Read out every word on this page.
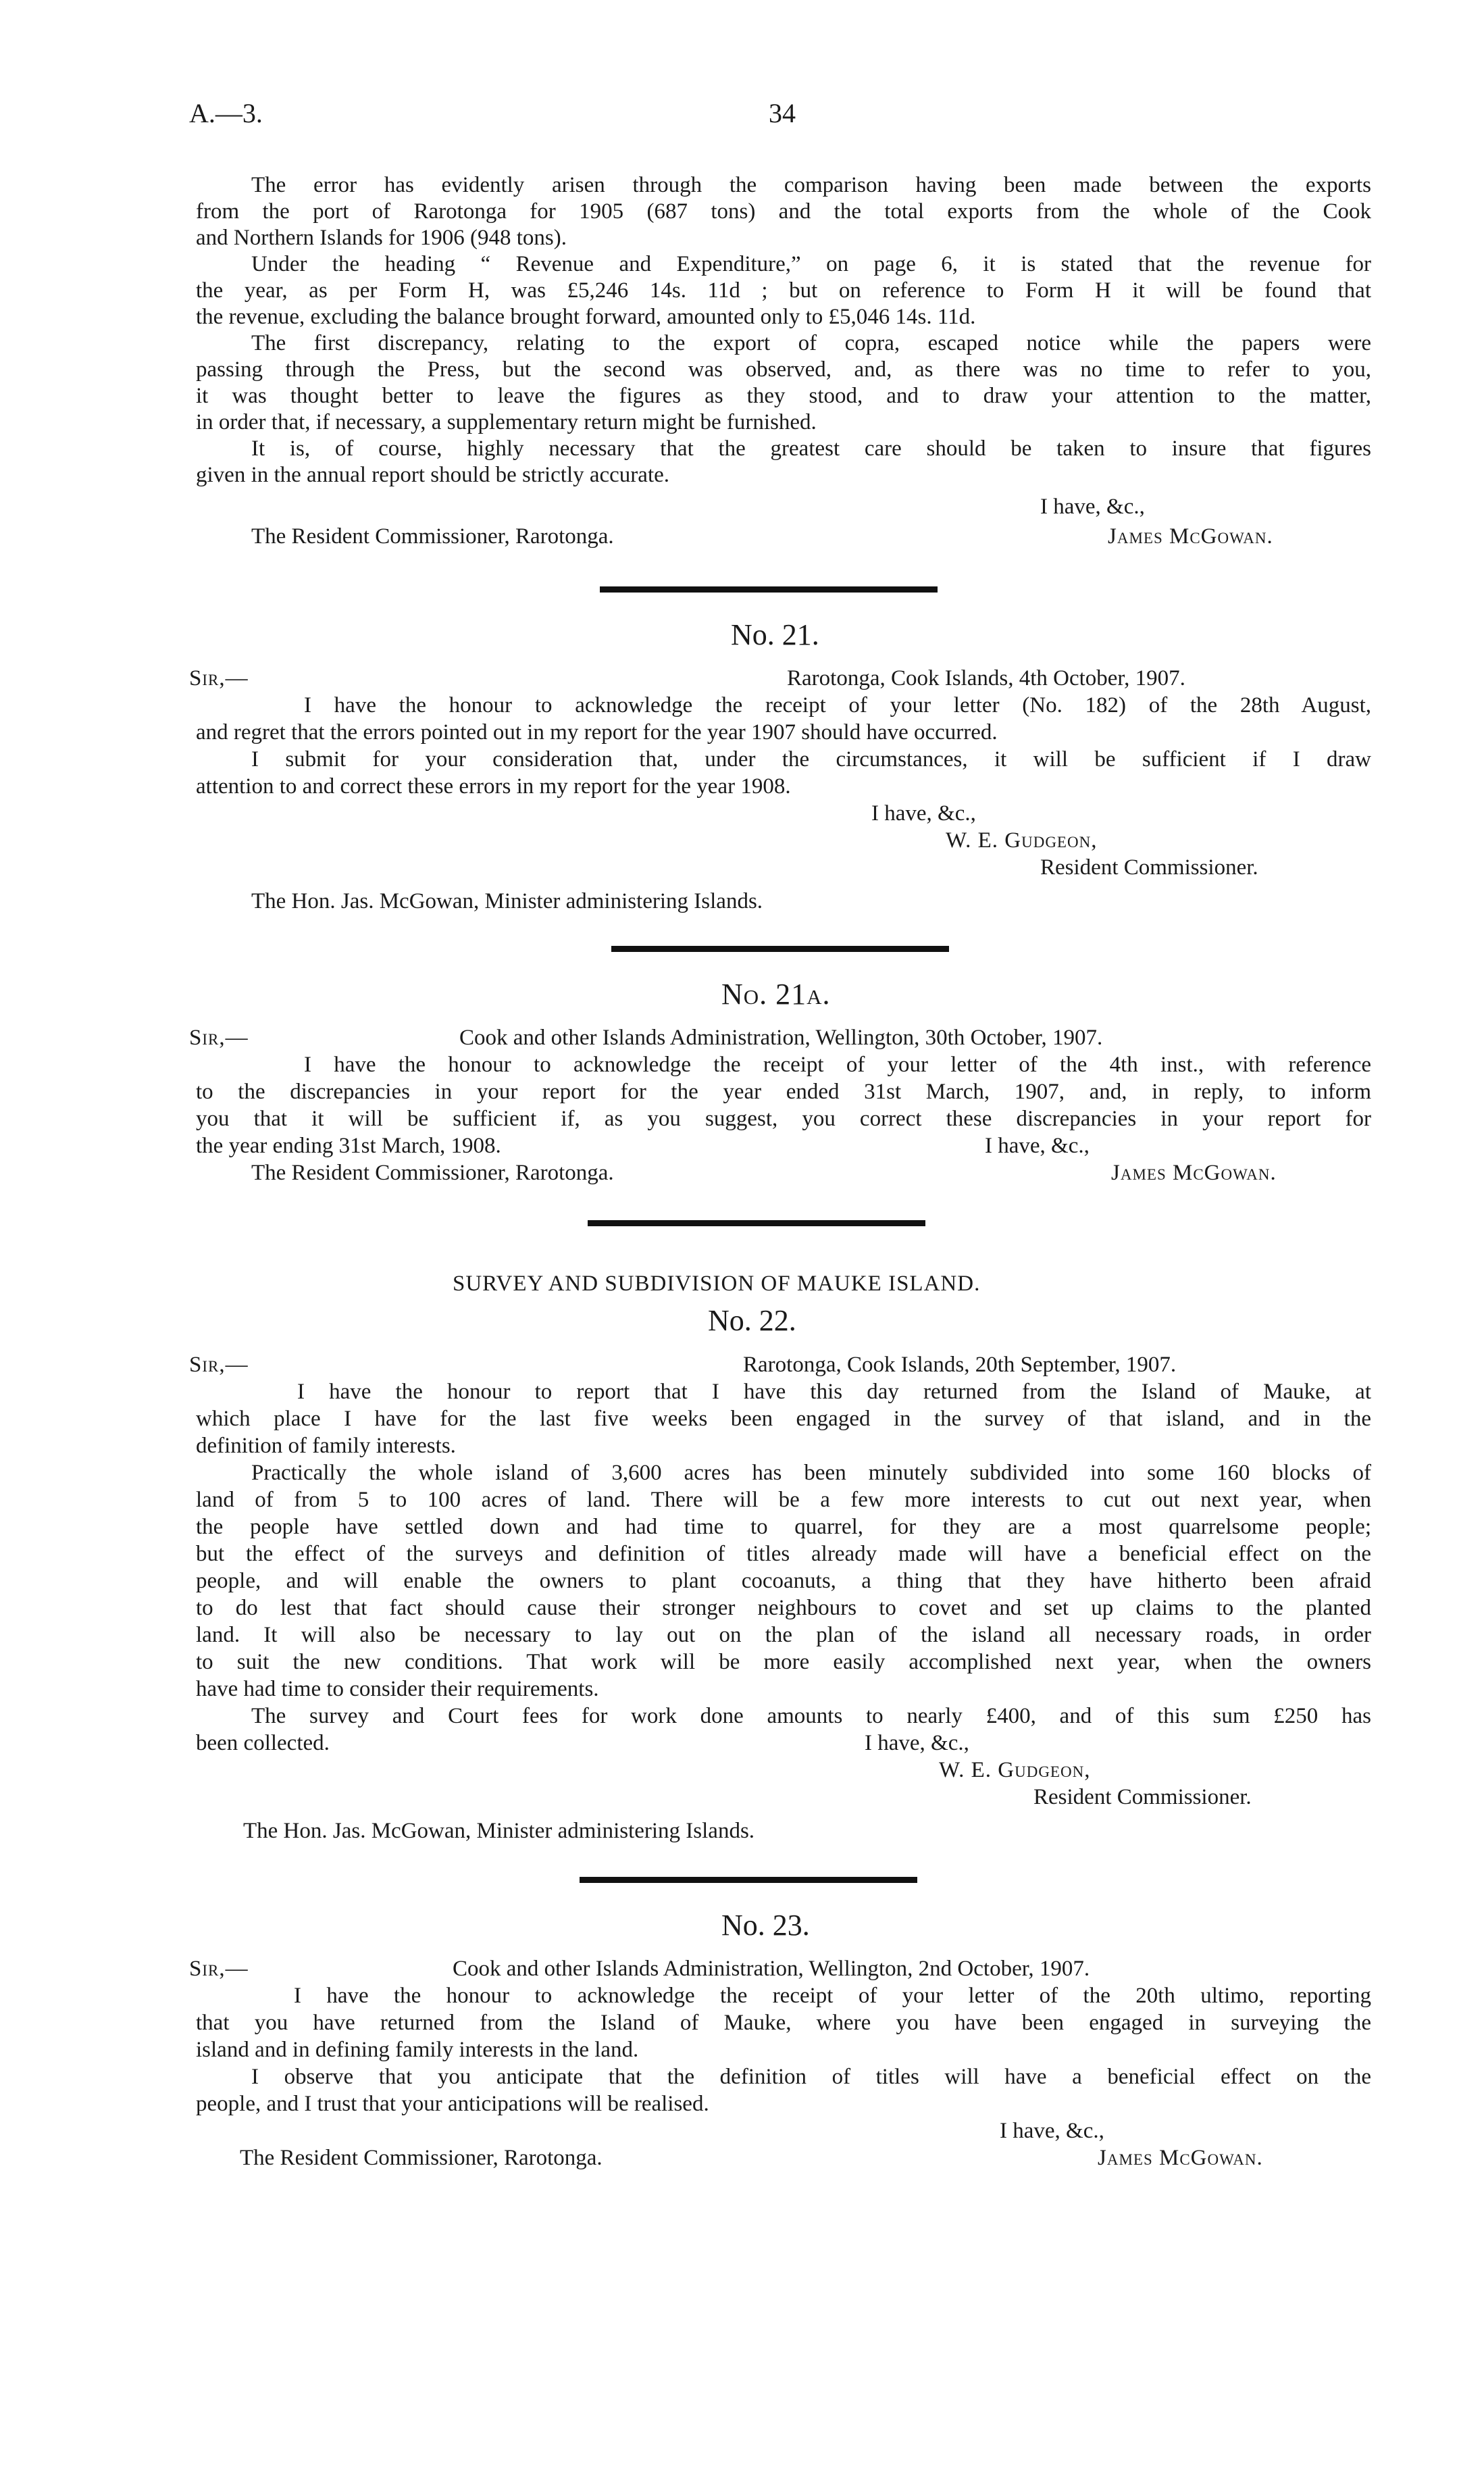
A.—3.	34
The error has evidently arisen through the comparison having been made between the exports
from the port of Rarotonga for 1905 (687 tons) and the total exports from the whole of the Cook
and Northern Islands for 1906 (948 tons).
Under the heading “ Revenue and Expenditure,” on page 6, it is stated that the revenue for
the year, as per Form H, was £5,246 14s. 11d ; but on reference to Form H it will be found that
the revenue, excluding the balance brought forward, amounted only to £5,046 14s. 11d.
The first discrepancy, relating to the export of copra, escaped notice while the papers were
passing through the Press, but the second was observed, and, as there was no time to refer to you,
it was thought better to leave the figures as they stood, and to draw your attention to the matter,
in order that, if necessary, a supplementary return might be furnished.
It is, of course, highly necessary that the greatest care should be taken to insure that figures
given in the annual report should be strictly accurate.
I have, &c.,
The Resident Commissioner, Rarotonga.	James McGowan.
No. 21.
Sir,—	Rarotonga, Cook Islands, 4th October, 1907.
I have the honour to acknowledge the receipt of your letter (No. 182) of the 28th August,
and regret that the errors pointed out in my report for the year 1907 should have occurred.
I submit for your consideration that, under the circumstances, it will be sufficient if I draw
attention to and correct these errors in my report for the year 1908.
I have, &c.,
W. E. Gudgeon,
Resident Commissioner.
The Hon. Jas. McGowan, Minister administering Islands.
No. 21a.
Sir,—	Cook and other Islands Administration, Wellington, 30th October, 1907.
I have the honour to acknowledge the receipt of your letter of the 4th inst., with reference
to the discrepancies in your report for the year ended 31st March, 1907, and, in reply, to inform
you that it will be sufficient if, as you suggest, you correct these discrepancies in your report for
the year ending 31st March, 1908.	I have, &c.,
The Resident Commissioner, Rarotonga.	James McGowan.
SURVEY AND SUBDIVISION OF MAUKE ISLAND.
No. 22.
Sir,—	Rarotonga, Cook Islands, 20th September, 1907.
I have the honour to report that I have this day returned from the Island of Mauke, at
which place I have for the last five weeks been engaged in the survey of that island, and in the
definition of family interests.
Practically the whole island of 3,600 acres has been minutely subdivided into some 160 blocks of
land of from 5 to 100 acres of land. There will be a few more interests to cut out next year, when
the people have settled down and had time to quarrel, for they are a most quarrelsome people;
but the effect of the surveys and definition of titles already made will have a beneficial effect on the
people, and will enable the owners to plant cocoanuts, a thing that they have hitherto been afraid
to do lest that fact should cause their stronger neighbours to covet and set up claims to the planted
land. It will also be necessary to lay out on the plan of the island all necessary roads, in order
to suit the new conditions. That work will be more easily accomplished next year, when the owners
have had time to consider their requirements.
The survey and Court fees for work done amounts to nearly £400, and of this sum £250 has
been collected.	I have, &c.,
W. E. Gudgeon,
Resident Commissioner.
The Hon. Jas. McGowan, Minister administering Islands.
No. 23.
Sir,—	Cook and other Islands Administration, Wellington, 2nd October, 1907.
I have the honour to acknowledge the receipt of your letter of the 20th ultimo, reporting
that you have returned from the Island of Mauke, where you have been engaged in surveying the
island and in defining family interests in the land.
I observe that you anticipate that the definition of titles will have a beneficial effect on the
people, and I trust that your anticipations will be realised.
I have, &c.,
The Resident Commissioner, Rarotonga.	James McGowan.
